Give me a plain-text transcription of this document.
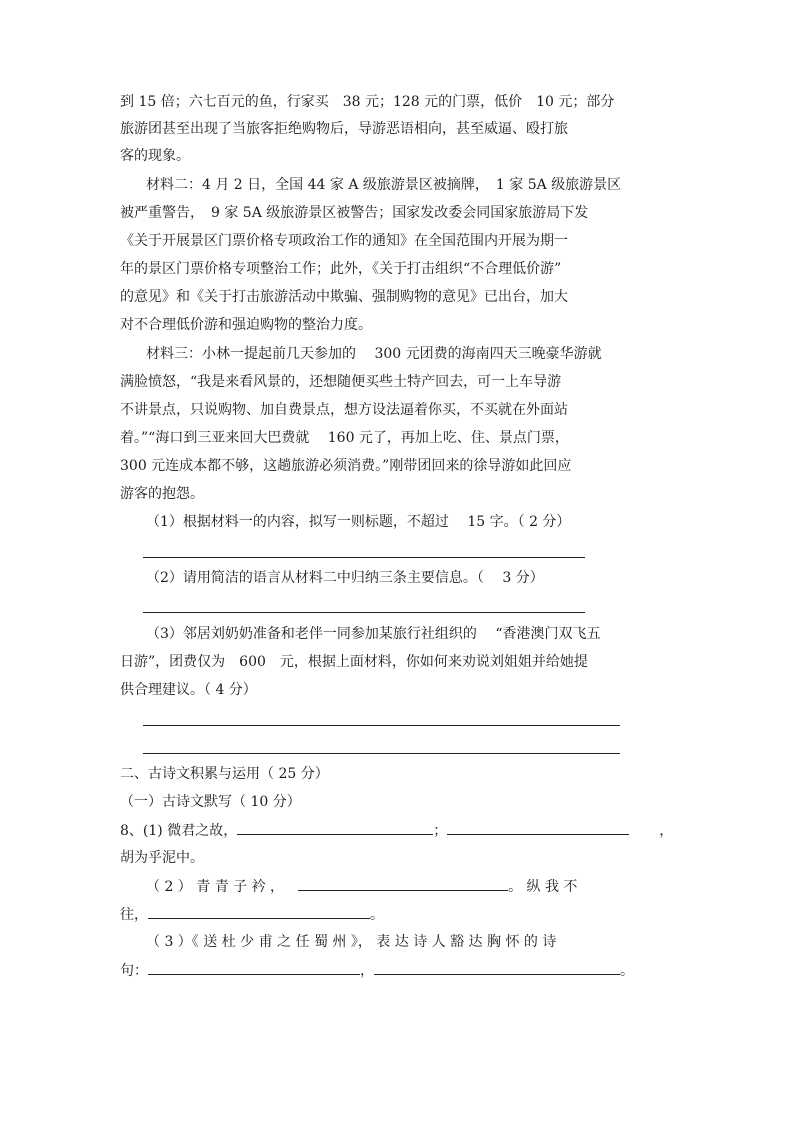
到 15 倍；六七百元的鱼，行家买　38 元；128 元的门票，低价　10 元；部分
旅游团甚至出现了当旅客拒绝购物后，导游恶语相向，甚至威逼、殴打旅
客的现象。
材料二：4 月 2 日，全国 44 家 A 级旅游景区被摘牌，　1 家 5A 级旅游景区
被严重警告，　9 家 5A 级旅游景区被警告；国家发改委会同国家旅游局下发
《关于开展景区门票价格专项政治工作的通知》在全国范围内开展为期一
年的景区门票价格专项整治工作；此外，《关于打击组织“不合理低价游”
的意见》和《关于打击旅游活动中欺骗、强制购物的意见》已出台，加大
对不合理低价游和强迫购物的整治力度。
材料三：小林一提起前几天参加的　 300 元团费的海南四天三晚豪华游就
满脸愤怒，“我是来看风景的，还想随便买些土特产回去，可一上车导游
不讲景点，只说购物、加自费景点，想方设法逼着你买，不买就在外面站
着。”“海口到三亚来回大巴费就　 160 元了，再加上吃、住、景点门票，
300 元连成本都不够，这趟旅游必须消费。”刚带团回来的徐导游如此回应
游客的抱怨。
（1）根据材料一的内容，拟写一则标题，不超过　 15 字。（ 2 分）
（2）请用简洁的语言从材料二中归纳三条主要信息。（　 3 分）
（3）邻居刘奶奶准备和老伴一同参加某旅行社组织的　 “香港澳门双飞五
日游”，团费仅为　600　元，根据上面材料，你如何来劝说刘姐姐并给她提
供合理建议。（ 4 分）
二、古诗文积累与运用（ 25 分）
（一）古诗文默写（ 10 分）
8、(1) 微君之故，	；	，
胡为乎泥中。
（ 2 ） 青 青 子 衿 ，	。 纵 我 不
往，	。
（ 3 ）《 送 杜 少 甫 之 任 蜀 州 》， 表 达 诗 人 豁 达 胸 怀 的 诗
句：	，	。
